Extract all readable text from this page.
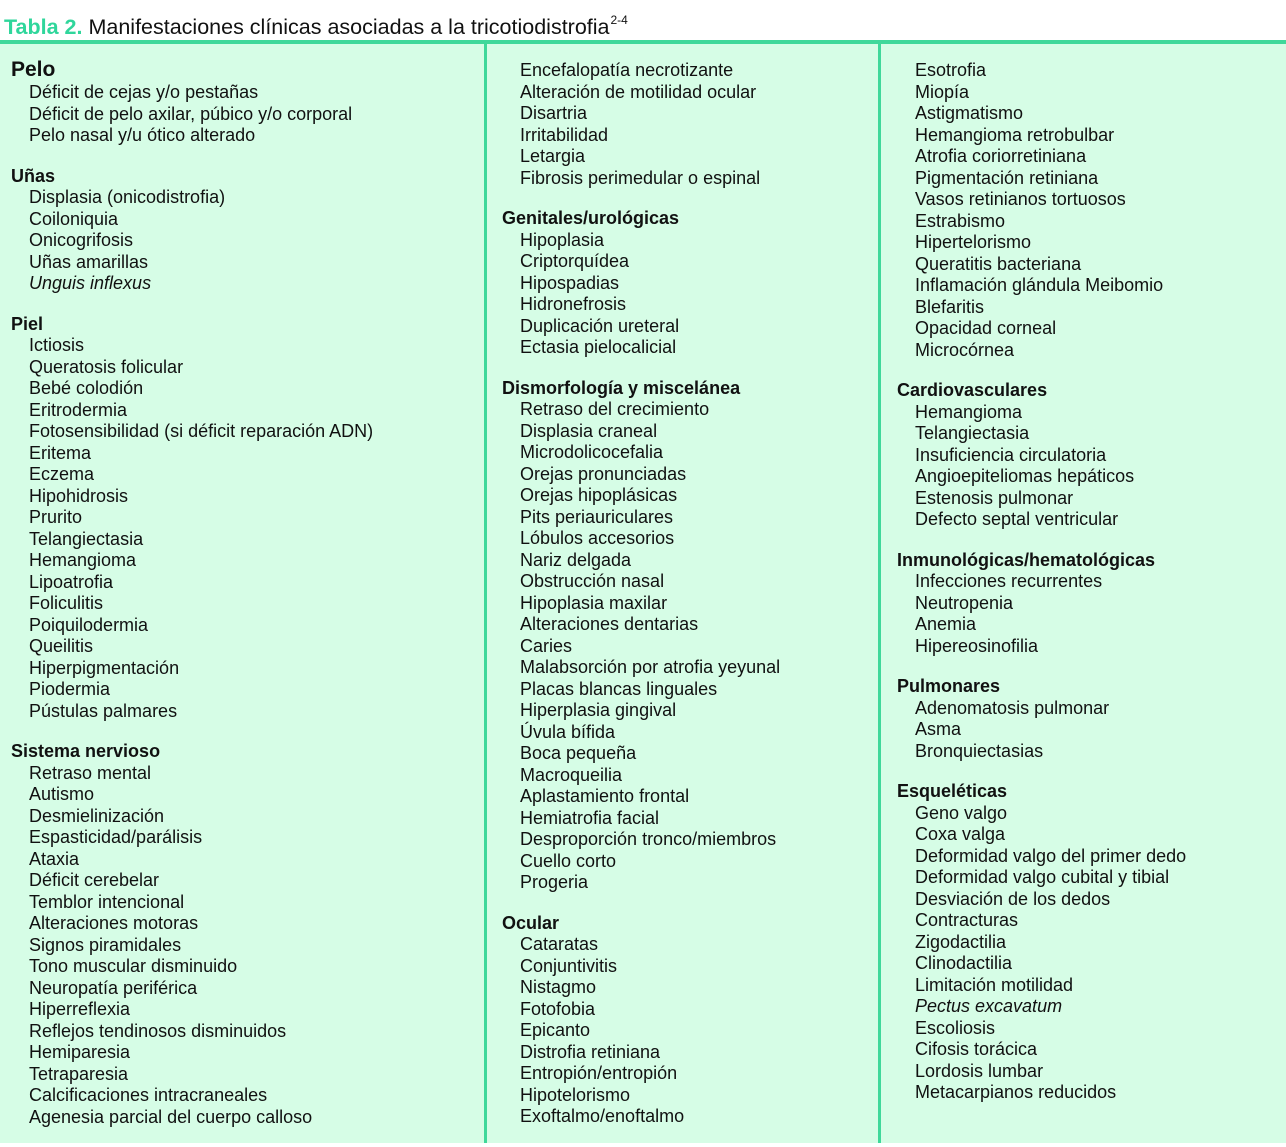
Tabla 2. Manifestaciones clínicas asociadas a la tricotiodistrofia$^{2-4}$
Pelo
Déficit de cejas y/o pestañas
Déficit de pelo axilar, púbico y/o corporal
Pelo nasal y/u ótico alterado
Uñas
Displasia (onicodistrofia)
Coiloniquia
Onicogrifosis
Uñas amarillas
Unguis inflexus
Piel
Ictiosis
Queratosis folicular
Bebé colodión
Eritrodermia
Fotosensibilidad (si déficit reparación ADN)
Eritema
Eczema
Hipohidrosis
Prurito
Telangiectasia
Hemangioma
Lipoatrofia
Foliculitis
Poiquilodermia
Queilitis
Hiperpigmentación
Piodermia
Pústulas palmares
Sistema nervioso
Retraso mental
Autismo
Desmielinización
Espasticidad/parálisis
Ataxia
Déficit cerebelar
Temblor intencional
Alteraciones motoras
Signos piramidales
Tono muscular disminuido
Neuropatía periférica
Hiperreflexia
Reflejos tendinosos disminuidos
Hemiparesia
Tetraparesia
Calcificaciones intracraneales
Agenesia parcial del cuerpo calloso
Encefalopatía necrotizante
Alteración de motilidad ocular
Disartria
Irritabilidad
Letargia
Fibrosis perimedular o espinal
Genitales/urológicas
Hipoplasia
Criptorquídea
Hipospadias
Hidronefrosis
Duplicación ureteral
Ectasia pielocalicial
Dismorfología y miscelánea
Retraso del crecimiento
Displasia craneal
Microdolicocefalia
Orejas pronunciadas
Orejas hipoplásicas
Pits periauriculares
Lóbulos accesorios
Nariz delgada
Obstrucción nasal
Hipoplasia maxilar
Alteraciones dentarias
Caries
Malabsorción por atrofia yeyunal
Placas blancas linguales
Hiperplasia gingival
Úvula bífida
Boca pequeña
Macroqueilia
Aplastamiento frontal
Hemiatrofia facial
Desproporción tronco/miembros
Cuello corto
Progeria
Ocular
Cataratas
Conjuntivitis
Nistagmo
Fotofobia
Epicanto
Distrofia retiniana
Entropión/entropión
Hipotelorismo
Exoftalmo/enoftalmo
Esotrofia
Miopía
Astigmatismo
Hemangioma retrobulbar
Atrofia coriorretiniana
Pigmentación retiniana
Vasos retinianos tortuosos
Estrabismo
Hipertelorismo
Queratitis bacteriana
Inflamación glándula Meibomio
Blefaritis
Opacidad corneal
Microcórnea
Cardiovasculares
Hemangioma
Telangiectasia
Insuficiencia circulatoria
Angioepiteliomas hepáticos
Estenosis pulmonar
Defecto septal ventricular
Inmunológicas/hematológicas
Infecciones recurrentes
Neutropenia
Anemia
Hipereosinofilia
Pulmonares
Adenomatosis pulmonar
Asma
Bronquiectasias
Esqueléticas
Geno valgo
Coxa valga
Deformidad valgo del primer dedo
Deformidad valgo cubital y tibial
Desviación de los dedos
Contracturas
Zigodactilia
Clinodactilia
Limitación motilidad
Pectus excavatum
Escoliosis
Cifosis torácica
Lordosis lumbar
Metacarpianos reducidos
